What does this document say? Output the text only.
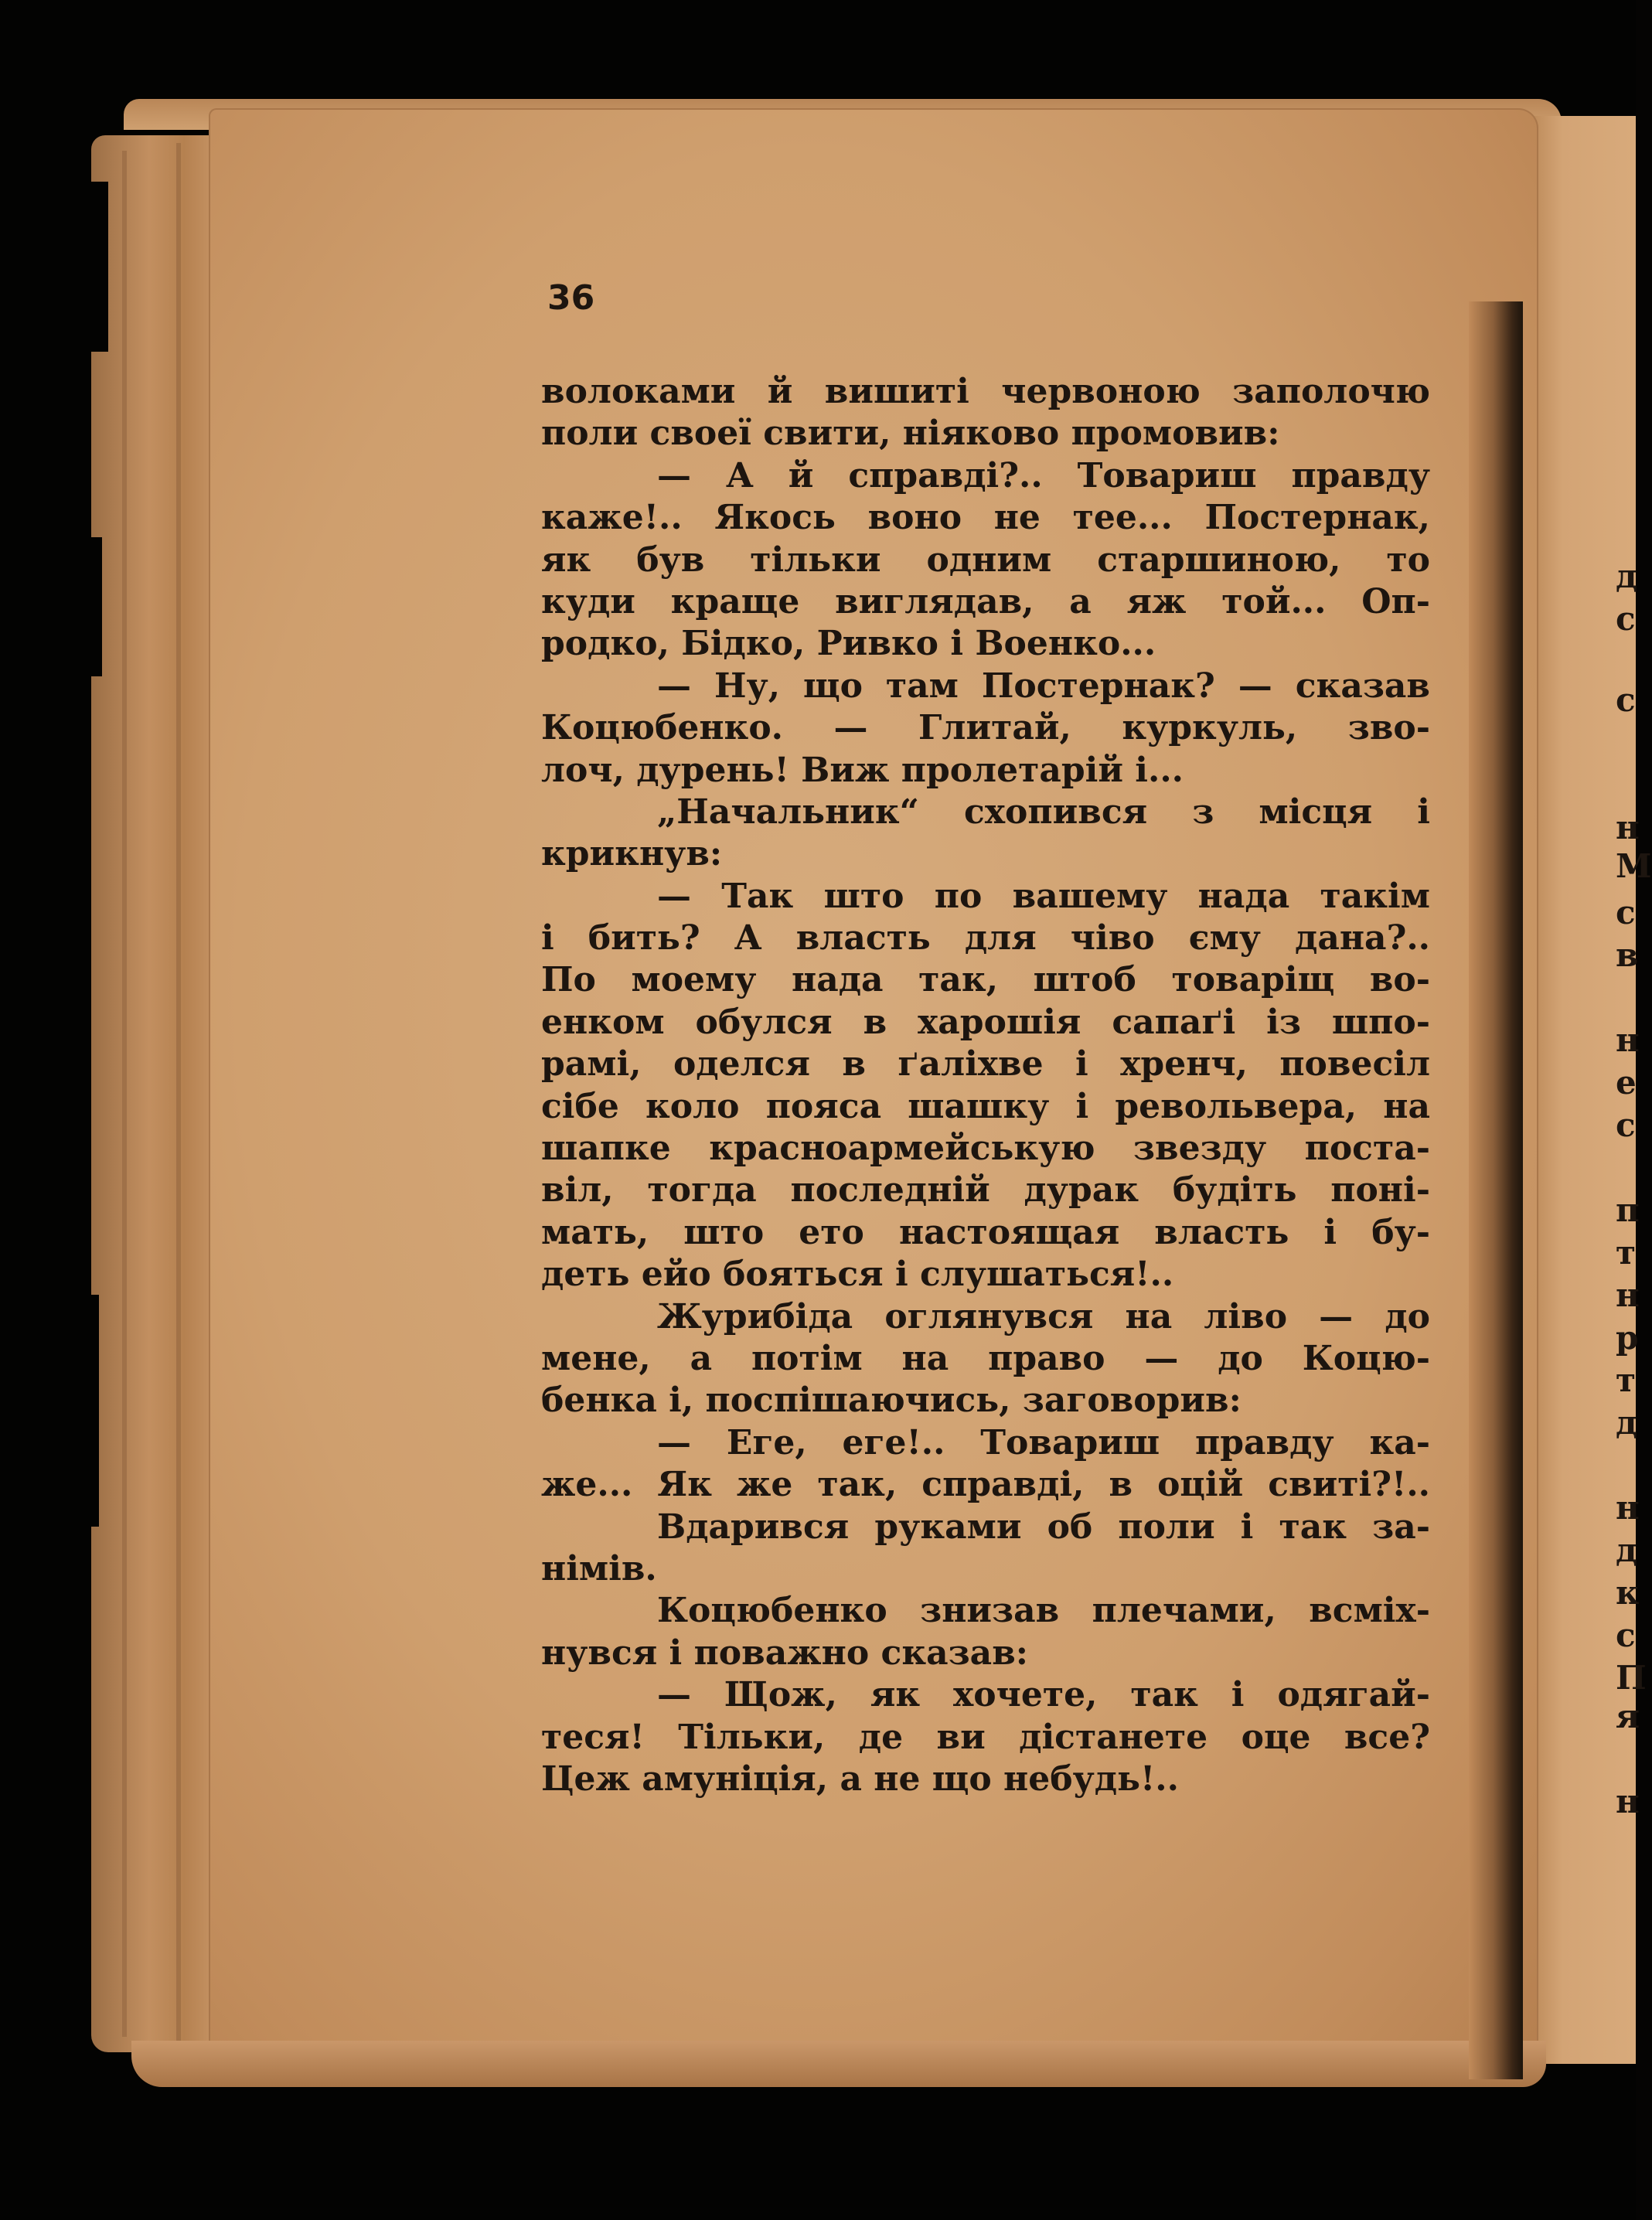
36
волоками й вишиті червоною заполочю
поли своеї свити, ніяково промовив:
— А й справді?.. Товариш правду
каже!.. Якось воно не тее... Постернак,
як був тільки одним старшиною, то
куди краще виглядав, а яж той... Оп-
родко, Бідко, Ривко і Военко...
— Ну, що там Постернак? — сказав
Коцюбенко. — Глитай, куркуль, зво-
лоч, дурень! Виж пролетарій і...
„Начальник“ схопився з місця і
крикнув:
— Так што по вашему нада такім
і бить? А власть для чіво єму дана?..
По моему нада так, штоб товаріщ во-
енком обулся в харошія сапаґі із шпо-
рамі, оделся в ґаліхве і хренч, повесіл
сібе коло пояса шашку і револьвера, на
шапке красноармейськую звезду поста-
віл, тогда последній дурак будіть поні-
мать, што ето настоящая власть і бу-
деть ейо бояться і слушаться!..
Журибіда оглянувся на ліво — до
мене, а потім на право — до Коцю-
бенка і, поспішаючись, заговорив:
— Еге, еге!.. Товариш правду ка-
же... Як же так, справді, в оцій свиті?!..
Вдарився руками об поли і так за-
німів.
Коцюбенко знизав плечами, всміх-
нувся і поважно сказав:
— Щож, як хочете, так і одягай-
теся! Тільки, де ви дістанете оце все?
Цеж амуніція, а не що небудь!..
д
с
с
н
М
с
в
н
е
с
п
т
н
р
т
д
н
д
к
с
П
я
н
